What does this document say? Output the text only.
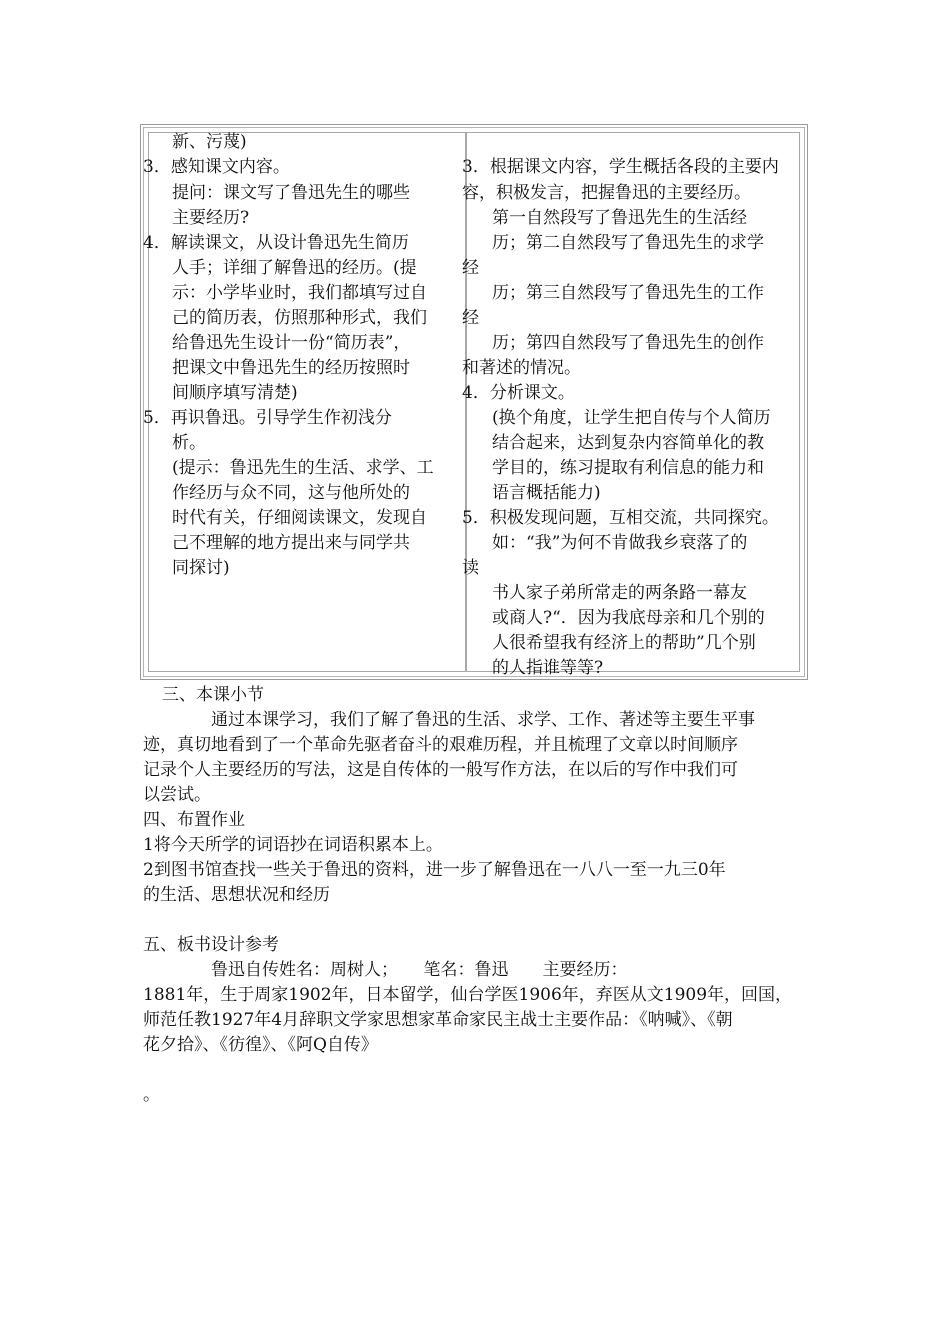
新、污蔑)
3．感知课文内容。
提问：课文写了鲁迅先生的哪些
主要经历?
4．解读课文，从设计鲁迅先生简历
人手；详细了解鲁迅的经历。(提
示：小学毕业时，我们都填写过自
己的简历表，仿照那种形式，我们
给鲁迅先生设计一份“简历表”，
把课文中鲁迅先生的经历按照时
间顺序填写清楚)
5．再识鲁迅。引导学生作初浅分
析。
(提示：鲁迅先生的生活、求学、工
作经历与众不同，这与他所处的
时代有关，仔细阅读课文，发现自
己不理解的地方提出来与同学共
同探讨)
3．根据课文内容，学生概括各段的主要内
容，积极发言，把握鲁迅的主要经历。
第一自然段写了鲁迅先生的生活经
历；第二自然段写了鲁迅先生的求学
经
历；第三自然段写了鲁迅先生的工作
经
历；第四自然段写了鲁迅先生的创作
和著述的情况。
4．分析课文。
(换个角度，让学生把自传与个人简历
结合起来，达到复杂内容简单化的教
学目的，练习提取有利信息的能力和
语言概括能力)
5．积极发现问题，互相交流，共同探究。
如：“我”为何不肯做我乡衰落了的
读
书人家子弟所常走的两条路一幕友
或商人?“．因为我底母亲和几个别的
人很希望我有经济上的帮助”几个别
的人指谁等等?
三、本课小节
通过本课学习，我们了解了鲁迅的生活、求学、工作、著述等主要生平事
迹，真切地看到了一个革命先驱者奋斗的艰难历程，并且梳理了文章以时间顺序
记录个人主要经历的写法，这是自传体的一般写作方法，在以后的写作中我们可
以尝试。
四、布置作业
1将今天所学的词语抄在词语积累本上。
2到图书馆查找一些关于鲁迅的资料，进一步了解鲁迅在一八八一至一九三0年
的生活、思想状况和经历
五、板书设计参考
鲁迅自传姓名：周树人；　　笔名：鲁迅　　主要经历：
1881年，生于周家1902年，日本留学，仙台学医1906年，弃医从文1909年，回国，
师范任教1927年4月辞职文学家思想家革命家民主战士主要作品：《呐喊》、《朝
花夕拾》、《彷徨》、《阿Q自传》
。
